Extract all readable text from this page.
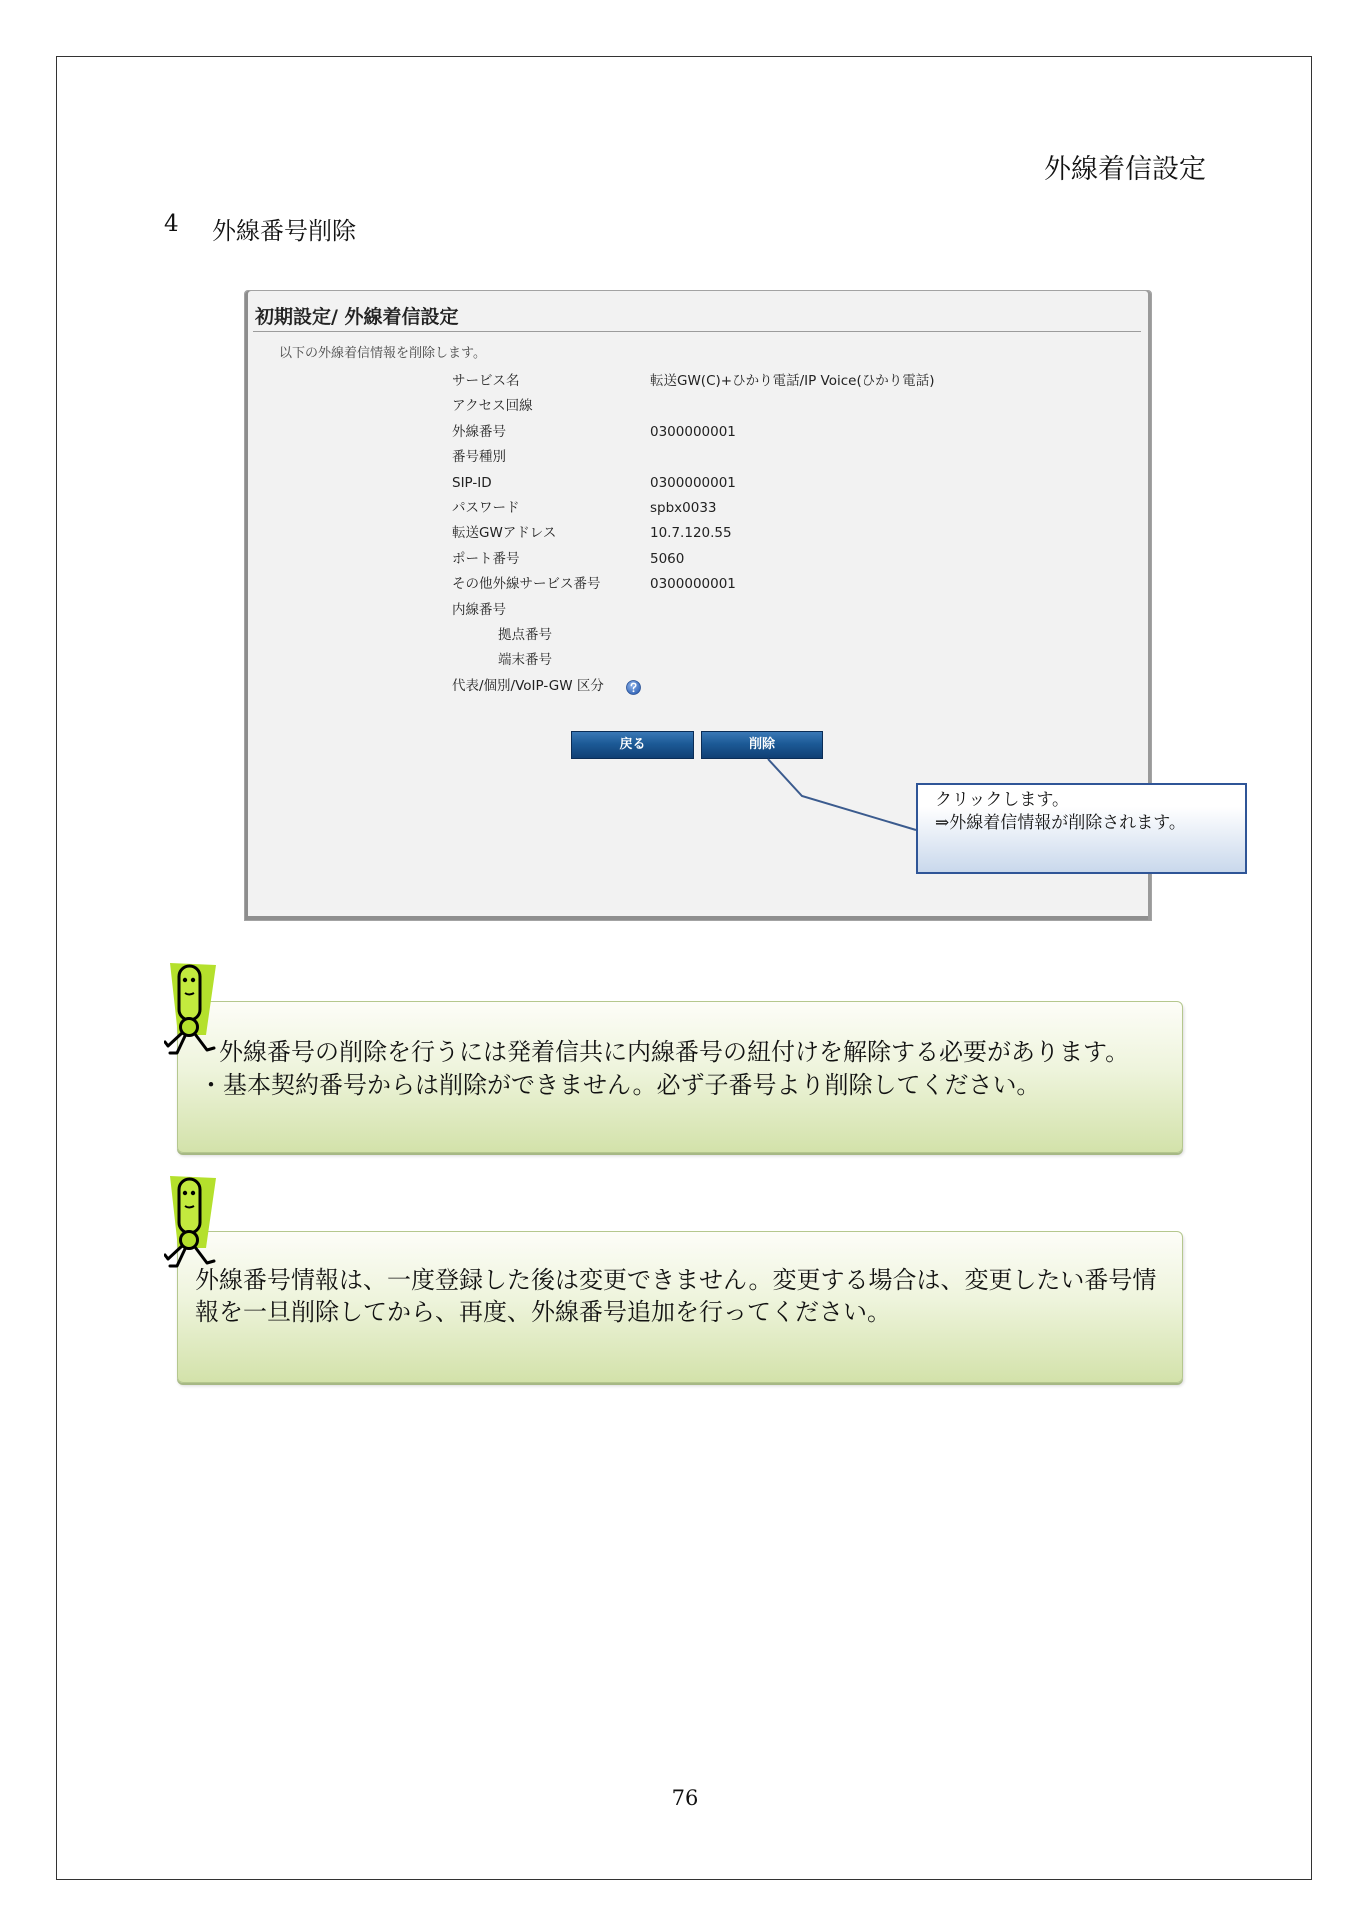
外線着信設定
4 外線番号削除
初期設定/ 外線着信設定
以下の外線着信情報を削除します。
サービス名	転送GW(C)+ひかり電話/IP Voice(ひかり電話)
アクセス回線
外線番号	0300000001
番号種別
SIP-ID	0300000001
パスワード	spbx0033
転送GWアドレス	10.7.120.55
ポート番号	5060
その他外線サービス番号	0300000001
内線番号
拠点番号
端末番号
代表/個別/VoIP-GW 区分
戻る	削除
クリックします。
⇒外線着信情報が削除されます。
外線番号の削除を行うには発着信共に内線番号の紐付けを解除する必要があります。
・基本契約番号からは削除ができません。必ず子番号より削除してください。
外線番号情報は、一度登録した後は変更できません。変更する場合は、変更したい番号情
報を一旦削除してから、再度、外線番号追加を行ってください。
76
